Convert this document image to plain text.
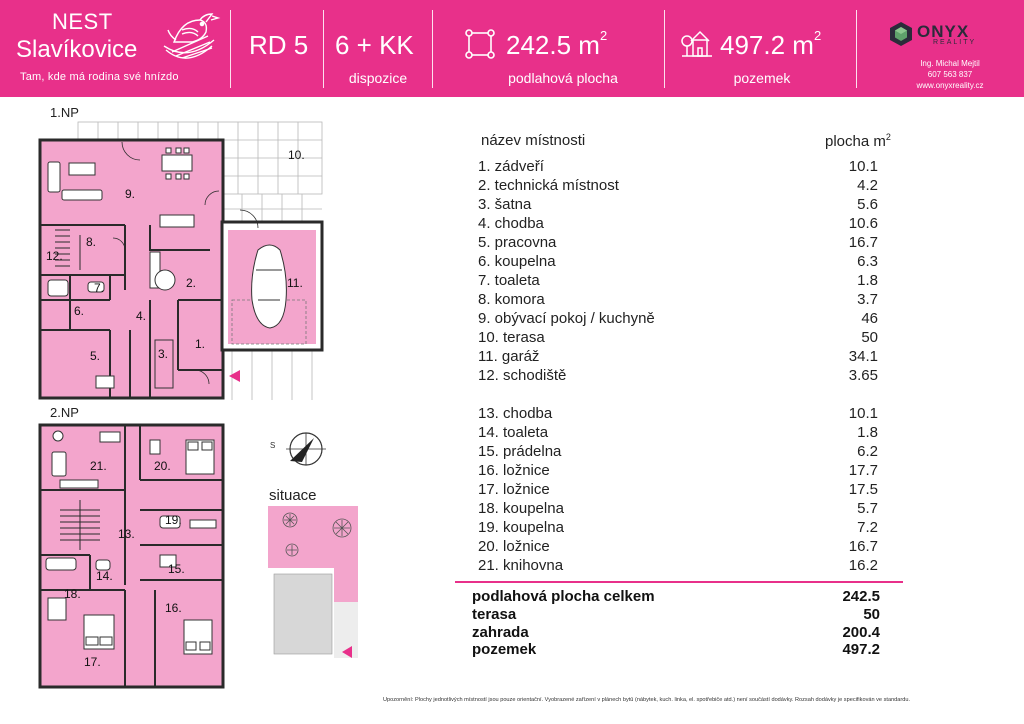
NEST
Slavíkovice
Tam, kde má rodina své hnízdo
RD 5 6 + KK
dispozice
242.5 $m^2$
podlahová plocha
497.2 $m^2$
pozemek
ONYX
REALITY
Ing. Michal Mejtil
607 563 837
www.onyxreality.cz
1.NP
2.NP
1.
2.
3.
4.
5.
6.
7.
8.
9.
10.
11.
12.
13.
14.	15.
16.
17.
18.
19.
20.
21.
S
situace
název místnosti	plocha $m^2$
1. zádveří	10.1
2. technická místnost	4.2
3. šatna	5.6
4. chodba	10.6
5. pracovna	16.7
6. koupelna	6.3
7. toaleta	1.8
8. komora	3.7
9. obývací pokoj / kuchyně	46
10. terasa	50
11. garáž	34.1
12. schodiště	3.65
13. chodba	10.1
14. toaleta	1.8
15. prádelna	6.2
16. ložnice	17.7
17. ložnice	17.5
18. koupelna	5.7
19. koupelna	7.2
20. ložnice	16.7
21. knihovna	16.2
podlahová plocha celkem	242.5
terasa	50
zahrada	200.4
pozemek	497.2
Upozornění: Plochy jednotlivých místností jsou pouze orientační. Vyobrazené zařízení v plánech bytů (nábytek, kuch. linka, el. spotřebiče atd.) není součástí dodávky. Rozsah dodávky je specifikován ve standardu.
